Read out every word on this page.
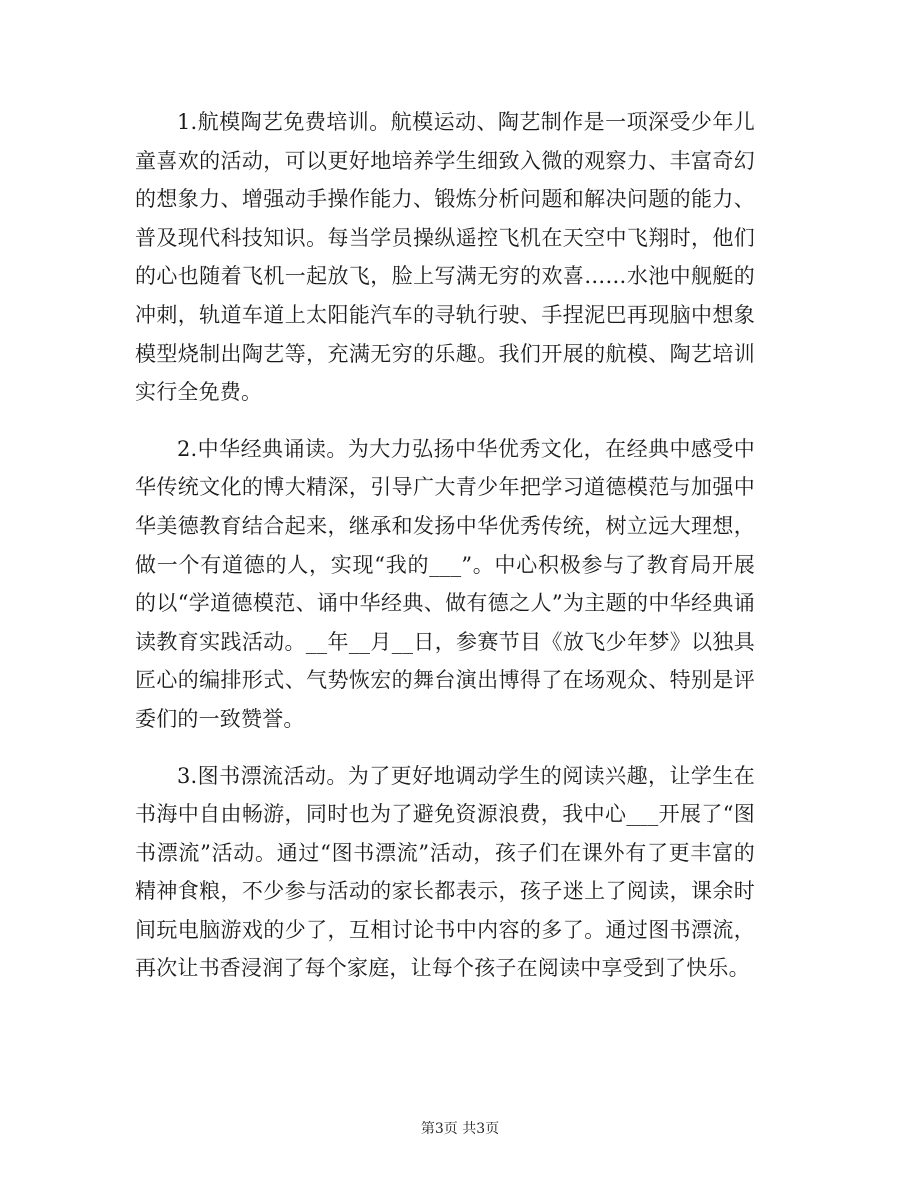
1.航模陶艺免费培训。航模运动、陶艺制作是一项深受少年儿童喜欢的活动，可以更好地培养学生细致入微的观察力、丰富奇幻的想象力、增强动手操作能力、锻炼分析问题和解决问题的能力、普及现代科技知识。每当学员操纵遥控飞机在天空中飞翔时，他们的心也随着飞机一起放飞，脸上写满无穷的欢喜……水池中舰艇的冲刺，轨道车道上太阳能汽车的寻轨行驶、手捏泥巴再现脑中想象模型烧制出陶艺等，充满无穷的乐趣。我们开展的航模、陶艺培训实行全免费。

2.中华经典诵读。为大力弘扬中华优秀文化，在经典中感受中华传统文化的博大精深，引导广大青少年把学习道德模范与加强中华美德教育结合起来，继承和发扬中华优秀传统，树立远大理想，做一个有道德的人，实现“我的___”。中心积极参与了教育局开展的以“学道德模范、诵中华经典、做有德之人”为主题的中华经典诵读教育实践活动。__年__月__日，参赛节目《放飞少年梦》以独具匠心的编排形式、气势恢宏的舞台演出博得了在场观众、特别是评委们的一致赞誉。

3.图书漂流活动。为了更好地调动学生的阅读兴趣，让学生在书海中自由畅游，同时也为了避免资源浪费，我中心___开展了“图书漂流”活动。通过“图书漂流”活动，孩子们在课外有了更丰富的精神食粮，不少参与活动的家长都表示，孩子迷上了阅读，课余时间玩电脑游戏的少了，互相讨论书中内容的多了。通过图书漂流，再次让书香浸润了每个家庭，让每个孩子在阅读中享受到了快乐。

第3页 共3页
